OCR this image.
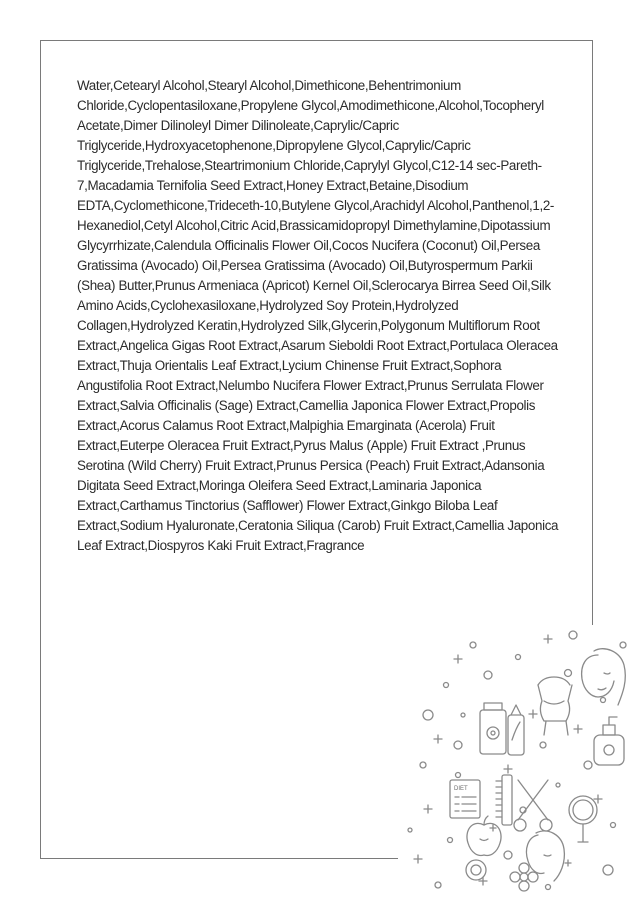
Water,Cetearyl Alcohol,Stearyl Alcohol,Dimethicone,Behentrimonium Chloride,Cyclopentasiloxane,Propylene Glycol,Amodimethicone,Alcohol,Tocopheryl Acetate,Dimer Dilinoleyl Dimer Dilinoleate,Caprylic/Capric Triglyceride,Hydroxyacetophenone,Dipropylene Glycol,Caprylic/Capric Triglyceride,Trehalose,Steartrimonium Chloride,Caprylyl Glycol,C12-14 sec-Pareth-7,Macadamia Ternifolia Seed Extract,Honey Extract,Betaine,Disodium EDTA,Cyclomethicone,Trideceth-10,Butylene Glycol,Arachidyl Alcohol,Panthenol,1,2-Hexanediol,Cetyl Alcohol,Citric Acid,Brassicamidopropyl Dimethylamine,Dipotassium Glycyrrhizate,Calendula Officinalis Flower Oil,Cocos Nucifera (Coconut) Oil,Persea Gratissima (Avocado) Oil,Persea Gratissima (Avocado) Oil,Butyrospermum Parkii (Shea) Butter,Prunus Armeniaca (Apricot) Kernel Oil,Sclerocarya Birrea Seed Oil,Silk Amino Acids,Cyclohexasiloxane,Hydrolyzed Soy Protein,Hydrolyzed Collagen,Hydrolyzed Keratin,Hydrolyzed Silk,Glycerin,Polygonum Multiflorum Root Extract,Angelica Gigas Root Extract,Asarum Sieboldi Root Extract,Portulaca Oleracea Extract,Thuja Orientalis Leaf Extract,Lycium Chinense Fruit Extract,Sophora Angustifolia Root Extract,Nelumbo Nucifera Flower Extract,Prunus Serrulata Flower Extract,Salvia Officinalis (Sage) Extract,Camellia Japonica Flower Extract,Propolis Extract,Acorus Calamus Root Extract,Malpighia Emarginata (Acerola) Fruit Extract,Euterpe Oleracea Fruit Extract,Pyrus Malus (Apple) Fruit Extract ,Prunus Serotina (Wild Cherry) Fruit Extract,Prunus Persica (Peach) Fruit Extract,Adansonia Digitata Seed Extract,Moringa Oleifera Seed Extract,Laminaria Japonica Extract,Carthamus Tinctorius (Safflower) Flower Extract,Ginkgo Biloba Leaf Extract,Sodium Hyaluronate,Ceratonia Siliqua (Carob) Fruit Extract,Camellia Japonica Leaf Extract,Diospyros Kaki Fruit Extract,Fragrance

DIET
